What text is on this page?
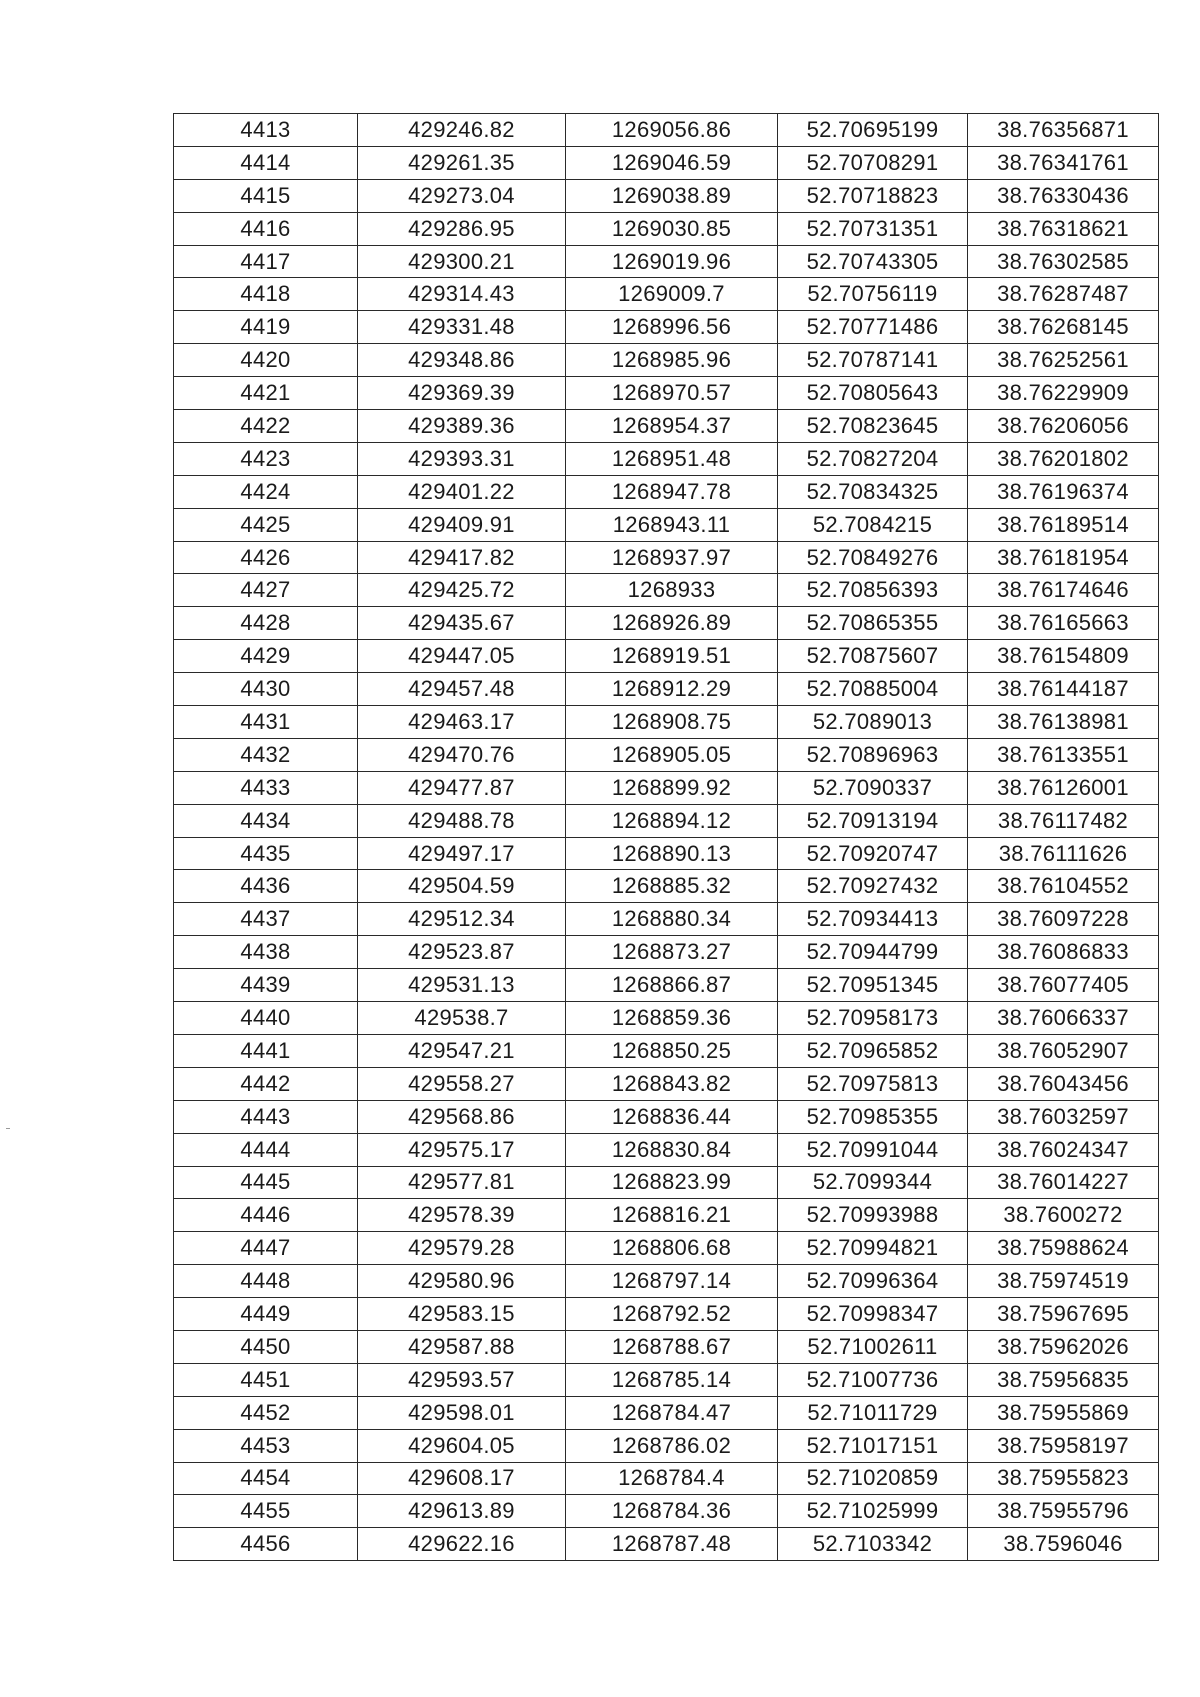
4413	429246.82	1269056.86	52.70695199	38.76356871
4414	429261.35	1269046.59	52.70708291	38.76341761
4415	429273.04	1269038.89	52.70718823	38.76330436
4416	429286.95	1269030.85	52.70731351	38.76318621
4417	429300.21	1269019.96	52.70743305	38.76302585
4418	429314.43	1269009.7	52.70756119	38.76287487
4419	429331.48	1268996.56	52.70771486	38.76268145
4420	429348.86	1268985.96	52.70787141	38.76252561
4421	429369.39	1268970.57	52.70805643	38.76229909
4422	429389.36	1268954.37	52.70823645	38.76206056
4423	429393.31	1268951.48	52.70827204	38.76201802
4424	429401.22	1268947.78	52.70834325	38.76196374
4425	429409.91	1268943.11	52.7084215	38.76189514
4426	429417.82	1268937.97	52.70849276	38.76181954
4427	429425.72	1268933	52.70856393	38.76174646
4428	429435.67	1268926.89	52.70865355	38.76165663
4429	429447.05	1268919.51	52.70875607	38.76154809
4430	429457.48	1268912.29	52.70885004	38.76144187
4431	429463.17	1268908.75	52.7089013	38.76138981
4432	429470.76	1268905.05	52.70896963	38.76133551
4433	429477.87	1268899.92	52.7090337	38.76126001
4434	429488.78	1268894.12	52.70913194	38.76117482
4435	429497.17	1268890.13	52.70920747	38.76111626
4436	429504.59	1268885.32	52.70927432	38.76104552
4437	429512.34	1268880.34	52.70934413	38.76097228
4438	429523.87	1268873.27	52.70944799	38.76086833
4439	429531.13	1268866.87	52.70951345	38.76077405
4440	429538.7	1268859.36	52.70958173	38.76066337
4441	429547.21	1268850.25	52.70965852	38.76052907
4442	429558.27	1268843.82	52.70975813	38.76043456
4443	429568.86	1268836.44	52.70985355	38.76032597
4444	429575.17	1268830.84	52.70991044	38.76024347
4445	429577.81	1268823.99	52.7099344	38.76014227
4446	429578.39	1268816.21	52.70993988	38.7600272
4447	429579.28	1268806.68	52.70994821	38.75988624
4448	429580.96	1268797.14	52.70996364	38.75974519
4449	429583.15	1268792.52	52.70998347	38.75967695
4450	429587.88	1268788.67	52.71002611	38.75962026
4451	429593.57	1268785.14	52.71007736	38.75956835
4452	429598.01	1268784.47	52.71011729	38.75955869
4453	429604.05	1268786.02	52.71017151	38.75958197
4454	429608.17	1268784.4	52.71020859	38.75955823
4455	429613.89	1268784.36	52.71025999	38.75955796
4456	429622.16	1268787.48	52.7103342	38.7596046
